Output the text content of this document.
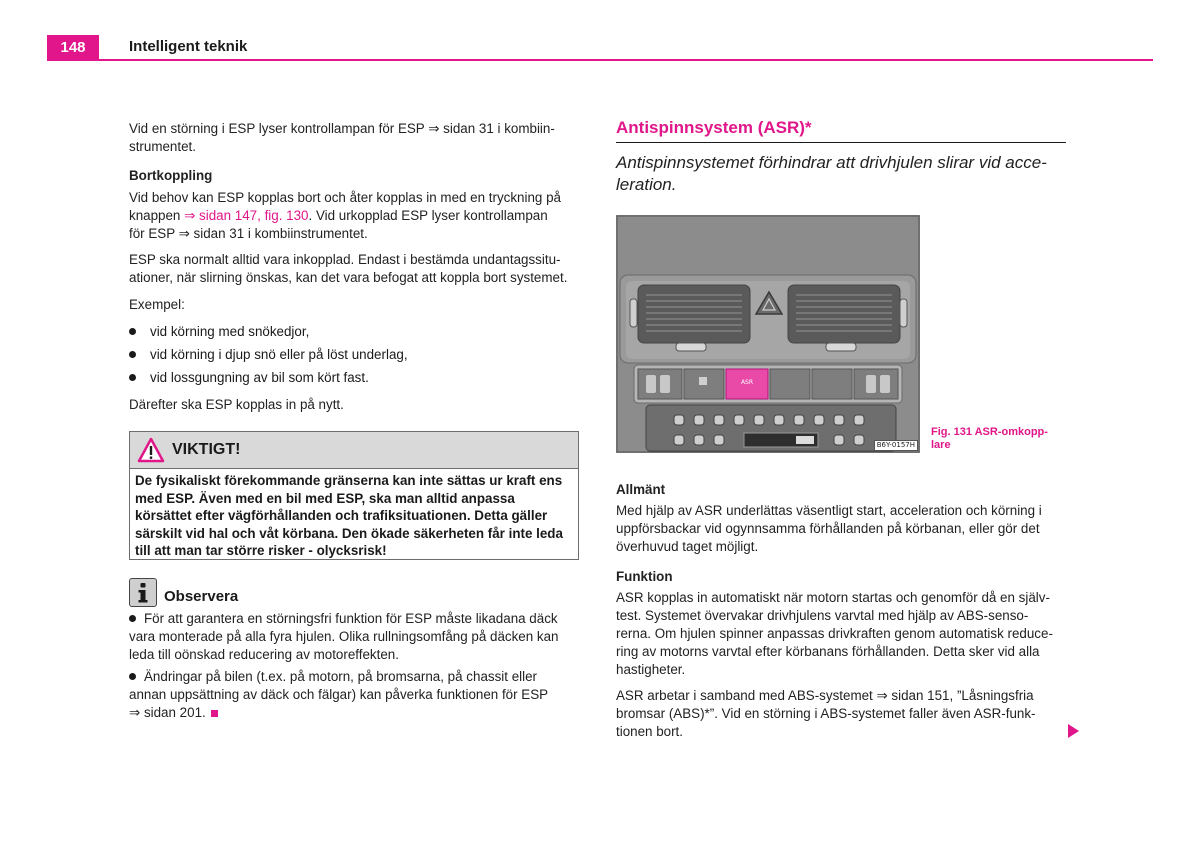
148	Intelligent teknik

Vid en störning i ESP lyser kontrollampan för ESP ⇒ sidan 31 i kombiin-

strumentet.

Bortkoppling

Vid behov kan ESP kopplas bort och åter kopplas in med en tryckning på

knappen ⇒ sidan 147, fig. 130. Vid urkopplad ESP lyser kontrollampan

för ESP ⇒ sidan 31 i kombiinstrumentet.

ESP ska normalt alltid vara inkopplad. Endast i bestämda undantagssitu-

ationer, när slirning önskas, kan det vara befogat att koppla bort systemet.

Exempel:
vid körning med snökedjor,
vid körning i djup snö eller på löst underlag,
vid lossgungning av bil som kört fast.
Därefter ska ESP kopplas in på nytt.
VIKTIGT!
De fysikaliskt förekommande gränserna kan inte sättas ur kraft ens
med ESP. Även med en bil med ESP, ska man alltid anpassa
körsättet efter vägförhållanden och trafiksituationen. Detta gäller
särskilt vid hal och våt körbana. Den ökade säkerheten får inte leda
till att man tar större risker - olycksrisk!
Observera

För att garantera en störningsfri funktion för ESP måste likadana däck

vara monterade på alla fyra hjulen. Olika rullningsomfång på däcken kan

leda till oönskad reducering av motoreffekten.

Ändringar på bilen (t.ex. på motorn, på bromsarna, på chassit eller

annan uppsättning av däck och fälgar) kan påverka funktionen för ESP

⇒ sidan 201.

Antispinnsystem (ASR)*
Antispinnsystemet förhindrar att drivhjulen slirar vid acce-
leration.
ASR
B6Y-0157H
Fig. 131 ASR-omkopp-
lare
Allmänt

Med hjälp av ASR underlättas väsentligt start, acceleration och körning i

uppförsbackar vid ogynnsamma förhållanden på körbanan, eller gör det

överhuvud taget möjligt.

Funktion

ASR kopplas in automatiskt när motorn startas och genomför då en själv-

test. Systemet övervakar drivhjulens varvtal med hjälp av ABS-senso-

rerna. Om hjulen spinner anpassas drivkraften genom automatisk reduce-

ring av motorns varvtal efter körbanans förhållanden. Detta sker vid alla

hastigheter.

ASR arbetar i samband med ABS-systemet ⇒ sidan 151, ”Låsningsfria

bromsar (ABS)*”. Vid en störning i ABS-systemet faller även ASR-funk-

tionen bort.
